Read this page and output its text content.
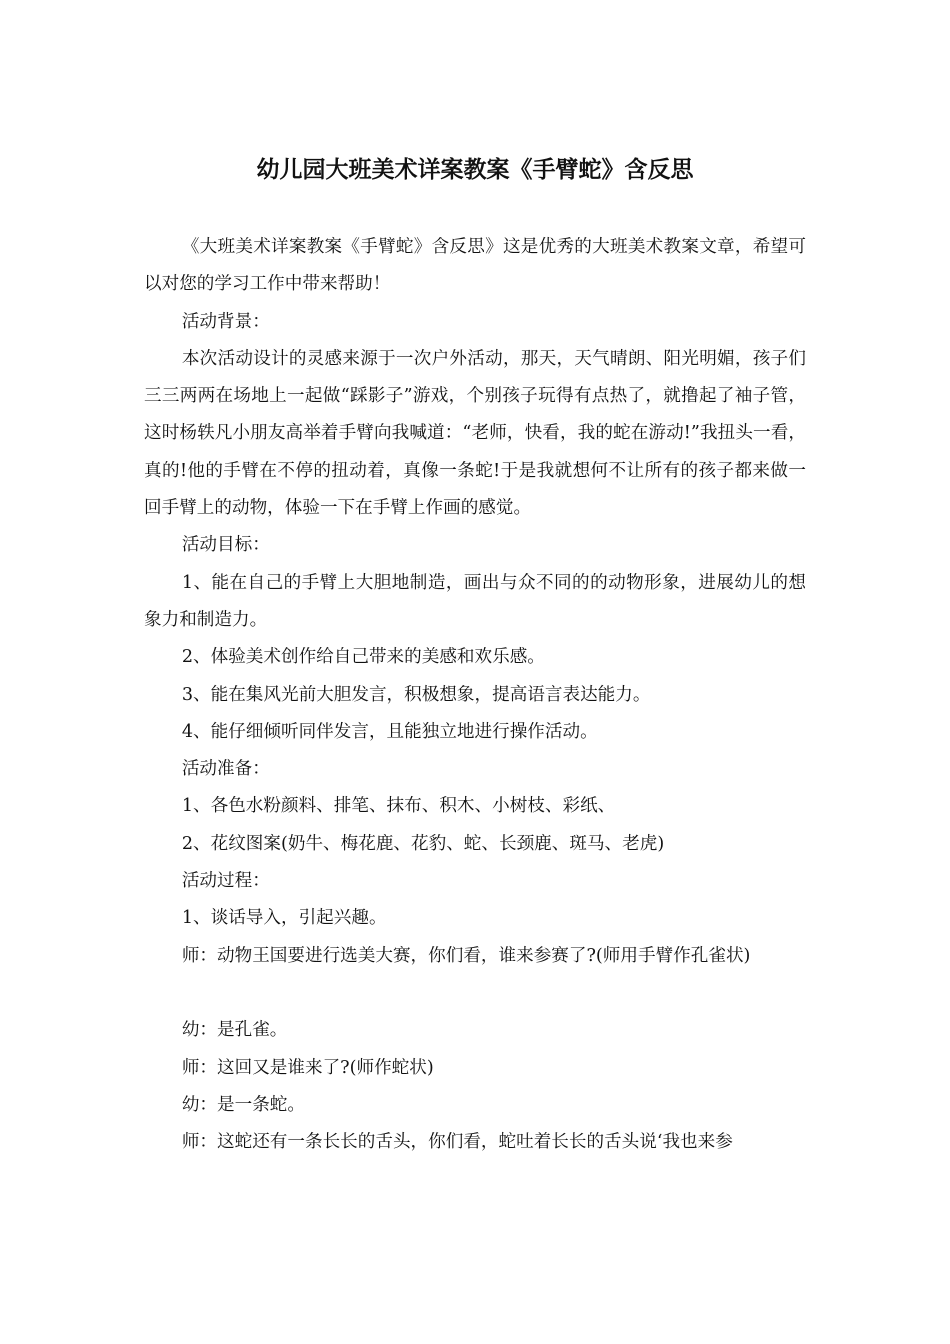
幼儿园大班美术详案教案《手臂蛇》含反思

《大班美术详案教案《手臂蛇》含反思》这是优秀的大班美术教案文章，希望可以对您的学习工作中带来帮助！

活动背景：

本次活动设计的灵感来源于一次户外活动，那天，天气晴朗、阳光明媚，孩子们三三两两在场地上一起做“踩影子”游戏，个别孩子玩得有点热了，就撸起了袖子管，这时杨轶凡小朋友高举着手臂向我喊道：“老师，快看，我的蛇在游动!”我扭头一看，真的!他的手臂在不停的扭动着，真像一条蛇!于是我就想何不让所有的孩子都来做一回手臂上的动物，体验一下在手臂上作画的感觉。

活动目标：

1、能在自己的手臂上大胆地制造，画出与众不同的的动物形象，进展幼儿的想象力和制造力。

2、体验美术创作给自己带来的美感和欢乐感。

3、能在集风光前大胆发言，积极想象，提高语言表达能力。

4、能仔细倾听同伴发言，且能独立地进行操作活动。

活动准备：

1、各色水粉颜料、排笔、抹布、积木、小树枝、彩纸、

2、花纹图案(奶牛、梅花鹿、花豹、蛇、长颈鹿、斑马、老虎)

活动过程：

1、谈话导入，引起兴趣。

师：动物王国要进行选美大赛，你们看，谁来参赛了?(师用手臂作孔雀状)

幼：是孔雀。

师：这回又是谁来了?(师作蛇状)

幼：是一条蛇。

师：这蛇还有一条长长的舌头，你们看，蛇吐着长长的舌头说‘我也来参
